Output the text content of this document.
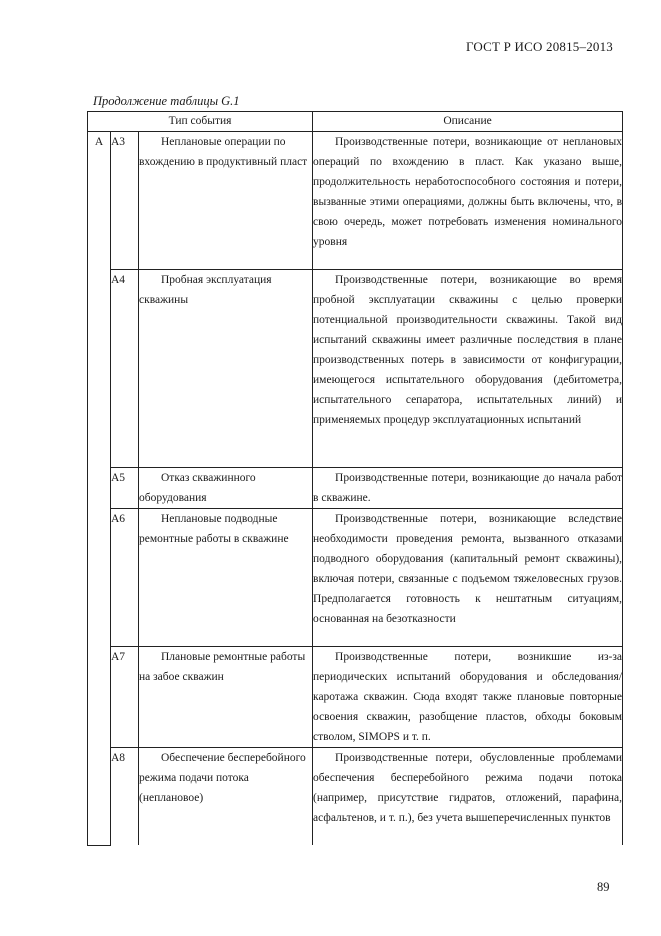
ГОСТ Р ИСО 20815–2013
Продолжение таблицы G.1
Тип события			Описание
A	A3	Неплановые операции по вхождению в продуктивный пласт	Производственные потери, возникающие от неплановых операций по вхождению в пласт. Как указано выше, продолжительность неработоспособного состояния и потери, вызванные этими операциями, должны быть включены, что, в свою очередь, может потребовать изменения номинального уровня
	A4	Пробная эксплуатация скважины	Производственные потери, возникающие во время пробной эксплуатации скважины с целью проверки потенциальной производительности скважины. Такой вид испытаний скважины имеет различные последствия в плане производственных потерь в зависимости от конфигурации, имеющегося испытательного оборудования (дебитометра, испытательного сепаратора, испытательных линий) и применяемых процедур эксплуатационных испытаний
	A5	Отказ скважинного оборудования	Производственные потери, возникающие до начала работ в скважине.
	A6	Неплановые подводные ремонтные работы в скважине	Производственные потери, возникающие вследствие необходимости проведения ремонта, вызванного отказами подводного оборудования (капитальный ремонт скважины), включая потери, связанные с подъемом тяжеловесных грузов. Предполагается готовность к нештатным ситуациям, основанная на безотказности
	A7	Плановые ремонтные работы на забое скважин	Производственные потери, возникшие из-за периодических испытаний оборудования и обследования/каротажа скважин. Сюда входят также плановые повторные освоения скважин, разобщение пластов, обходы боковым стволом, SIMOPS и т. п.
	A8	Обеспечение бесперебойного режима подачи потока (неплановое)	Производственные потери, обусловленные проблемами обеспечения бесперебойного режима подачи потока (например, присутствие гидратов, отложений, парафина, асфальтенов, и т. п.), без учета вышеперечисленных пунктов
89
